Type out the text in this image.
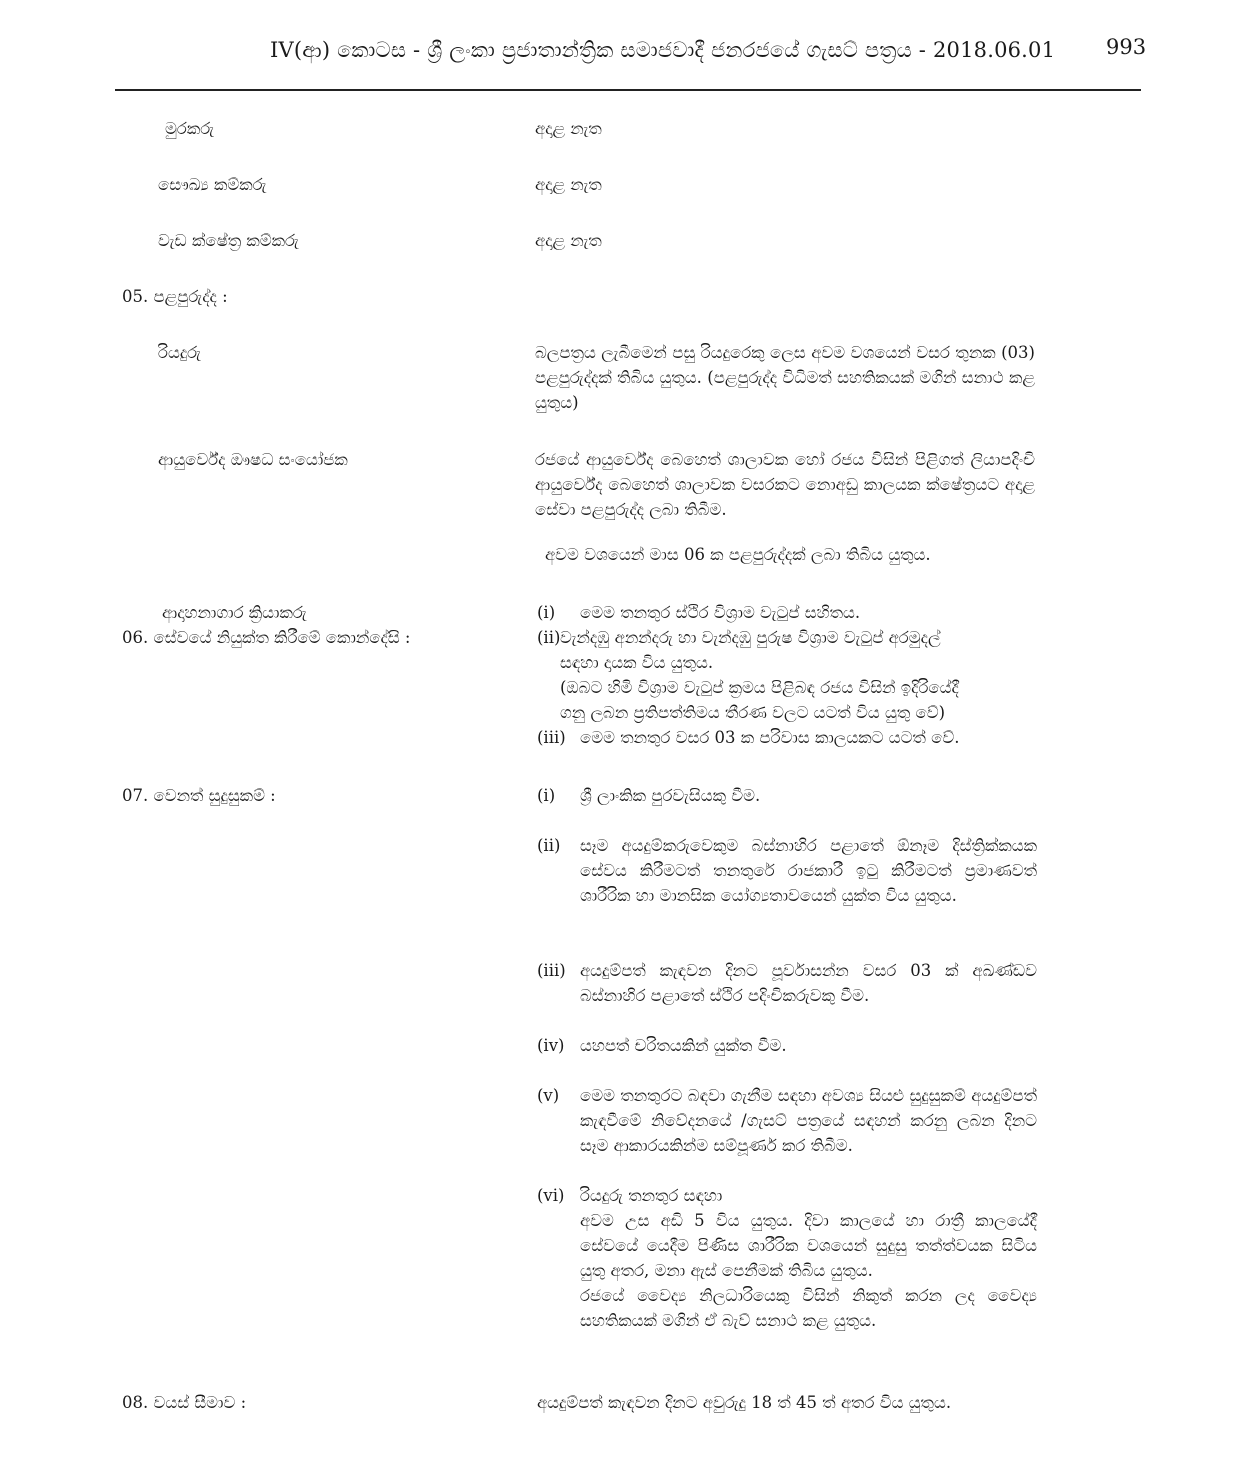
IV(ආ) කොටස - ශ්‍රී ලංකා ප්‍රජාතාන්ත්‍රික සමාජවාදී ජනරජයේ ගැසට් පත්‍රය - 2018.06.01 993
මුරකරු	අදාළ නැත
සෞඛ්‍ය කම්කරු	අදාළ නැත
වැඩ ක්ෂේත්‍ර කම්කරු	අදාළ නැත
05. පළපුරුද්ද :
රියදුරු	බලපත්‍රය ලැබීමෙන් පසු රියදුරෙකු ලෙස අවම වශයෙන් වසර තුනක (03) පළපුරුද්දක් තිබිය යුතුය. (පළපුරුද්ද විධිමත් සහතිකයක් මගින් සනාථ කළ යුතුය)
ආයුර්වේද ඖෂධ සංයෝජක	රජයේ ආයුර්වේද බෙහෙත් ශාලාවක හෝ රජය විසින් පිළිගත් ලියාපදිංචි ආයුර්වේද බෙහෙත් ශාලාවක වසරකට නොඅඩු කාලයක ක්ෂේත්‍රයට අදාළ සේවා පළපුරුද්ද ලබා තිබීම.
අවම වශයෙන් මාස 06 ක පළපුරුද්දක් ලබා තිබිය යුතුය.
ආදාහනාගාර ක්‍රියාකරු
06. සේවයේ නියුක්ත කිරීමේ කොන්දේසි :
(i) මෙම තනතුර ස්ථිර විශ්‍රාම වැටුප් සහිතය.
(ii) වැන්දඹු අනන්දරු හා වැන්දඹු පුරුෂ විශ්‍රාම වැටුප් අරමුදල්
සඳහා දායක විය යුතුය.
(ඔබට හිමි විශ්‍රාම වැටුප් ක්‍රමය පිළිබඳ රජය විසින් ඉදිරියේදී
ගනු ලබන ප්‍රතිපත්තිමය තීරණ වලට යටත් විය යුතු වේ)
(iii) මෙම තනතුර වසර 03 ක පරිවාස කාලයකට යටත් වේ.
07. වෙනත් සුදුසුකම් :	(i) ශ්‍රී ලාංකික පුරවැසියකු වීම.
(ii) සෑම අයදුම්කරුවෙකුම බස්නාහිර පළාතේ ඕනෑම දිස්ත්‍රික්කයක සේවය කිරීමටත් තනතුරේ රාජකාරී ඉටු කිරීමටත් ප්‍රමාණවත් ශාරීරික හා මානසික යෝග්‍යතාවයෙන් යුක්ත විය යුතුය.
(iii) අයදුම්පත් කැඳවන දිනට පූර්වාසන්න වසර 03 ක් අඛණ්ඩව බස්නාහිර පළාතේ ස්ථිර පදිංචිකරුවකු වීම.
(iv) යහපත් චරිතයකින් යුක්ත වීම.
(v) මෙම තනතුරට බඳවා ගැනීම සඳහා අවශ්‍ය සියළු සුදුසුකම් අයදුම්පත් කැඳවීමේ නිවේදනයේ /ගැසට් පත්‍රයේ සඳහන් කරනු ලබන දිනට සෑම ආකාරයකින්ම සම්පූර්ණ කර තිබීම.
(vi) රියදුරු තනතුර සඳහා
අවම උස අඩි 5 විය යුතුය. දිවා කාලයේ හා රාත්‍රී කාලයේදී සේවයේ යෙදීම පිණිස ශාරීරික වශයෙන් සුදුසු තත්ත්වයක සිටිය යුතු අතර, මනා ඇස් පෙනීමක් තිබිය යුතුය.
රජයේ වෛද්‍ය නිලධාරියෙකු විසින් නිකුත් කරන ලද වෛද්‍ය සහතිකයක් මගින් ඒ බැව් සනාථ කළ යුතුය.
08. වයස් සීමාව :	අයදුම්පත් කැඳවන දිනට අවුරුදු 18 ත් 45 ත් අතර විය යුතුය.
